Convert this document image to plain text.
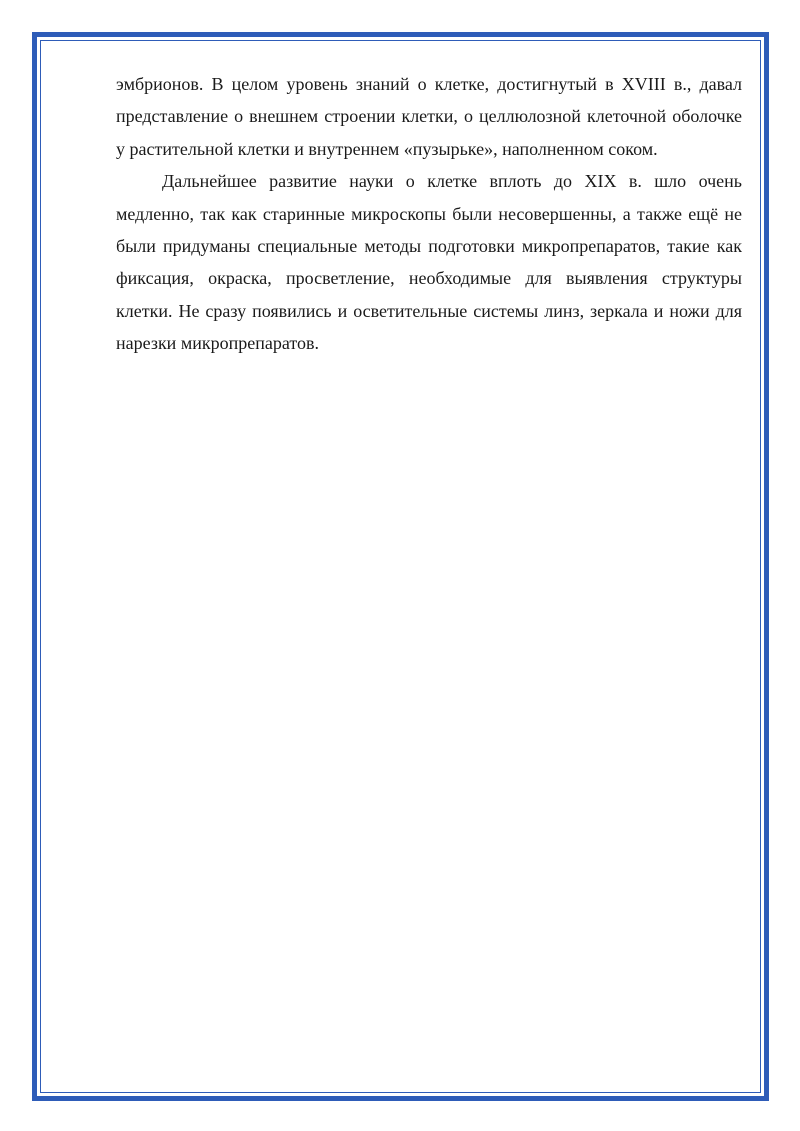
эмбрионов. В целом уровень знаний о клетке, достигнутый в XVIII в., давал представление о внешнем строении клетки, о целлюлозной клеточной оболочке у растительной клетки и внутреннем «пузырьке», наполненном соком.

Дальнейшее развитие науки о клетке вплоть до XIX в. шло очень медленно, так как старинные микроскопы были несовершенны, а также ещё не были придуманы специальные методы подготовки микропрепаратов, такие как фиксация, окраска, просветление, необходимые для выявления структуры клетки. Не сразу появились и осветительные системы линз, зеркала и ножи для нарезки микропрепаратов.
